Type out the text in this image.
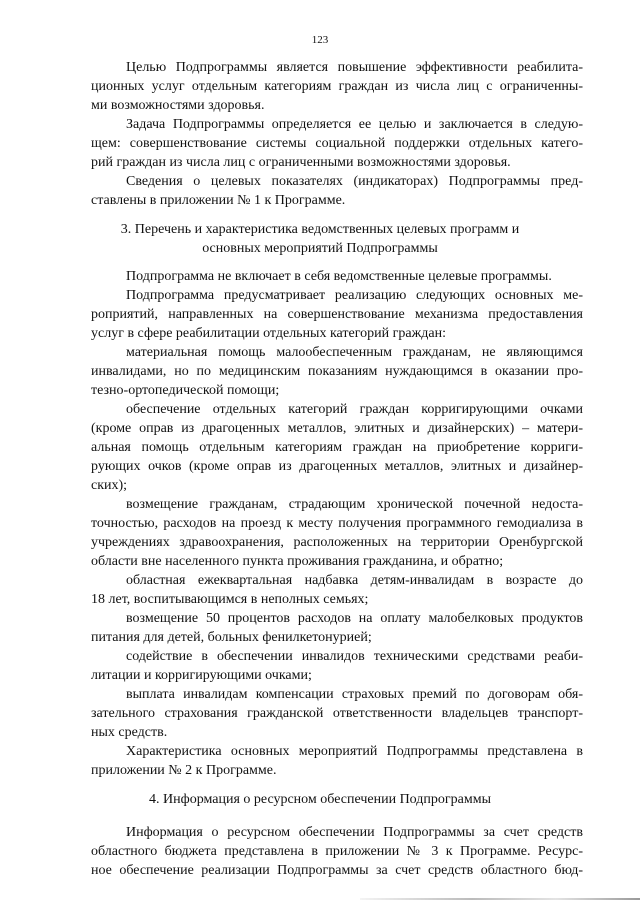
123
Целью Подпрограммы является повышение эффективности реабилита-
ционных услуг отдельным категориям граждан из числа лиц с ограниченны-
ми возможностями здоровья.
Задача Подпрограммы определяется ее целью и заключается в следую-
щем: совершенствование системы социальной поддержки отдельных катего-
рий граждан из числа лиц с ограниченными возможностями здоровья.
Сведения о целевых показателях (индикаторах) Подпрограммы пред-
ставлены в приложении № 1 к Программе.
3. Перечень и характеристика ведомственных целевых программ и
основных мероприятий Подпрограммы
Подпрограмма не включает в себя ведомственные целевые программы.
Подпрограмма предусматривает реализацию следующих основных ме-
роприятий, направленных на совершенствование механизма предоставления
услуг в сфере реабилитации отдельных категорий граждан:
материальная помощь малообеспеченным гражданам, не являющимся
инвалидами, но по медицинским показаниям нуждающимся в оказании про-
тезно-ортопедической помощи;
обеспечение отдельных категорий граждан корригирующими очками
(кроме оправ из драгоценных металлов, элитных и дизайнерских) – матери-
альная помощь отдельным категориям граждан на приобретение корриги-
рующих очков (кроме оправ из драгоценных металлов, элитных и дизайнер-
ских);
возмещение гражданам, страдающим хронической почечной недоста-
точностью, расходов на проезд к месту получения программного гемодиализа в
учреждениях здравоохранения, расположенных на территории Оренбургской
области вне населенного пункта проживания гражданина, и обратно;
областная ежеквартальная надбавка детям-инвалидам в возрасте до
18 лет, воспитывающимся в неполных семьях;
возмещение 50 процентов расходов на оплату малобелковых продуктов
питания для детей, больных фенилкетонурией;
содействие в обеспечении инвалидов техническими средствами реаби-
литации и корригирующими очками;
выплата инвалидам компенсации страховых премий по договорам обя-
зательного страхования гражданской ответственности владельцев транспорт-
ных средств.
Характеристика основных мероприятий Подпрограммы представлена в
приложении № 2 к Программе.
4. Информация о ресурсном обеспечении Подпрограммы
Информация о ресурсном обеспечении Подпрограммы за счет средств
областного бюджета представлена в приложении № 3 к Программе. Ресурс-
ное обеспечение реализации Подпрограммы за счет средств областного бюд-
